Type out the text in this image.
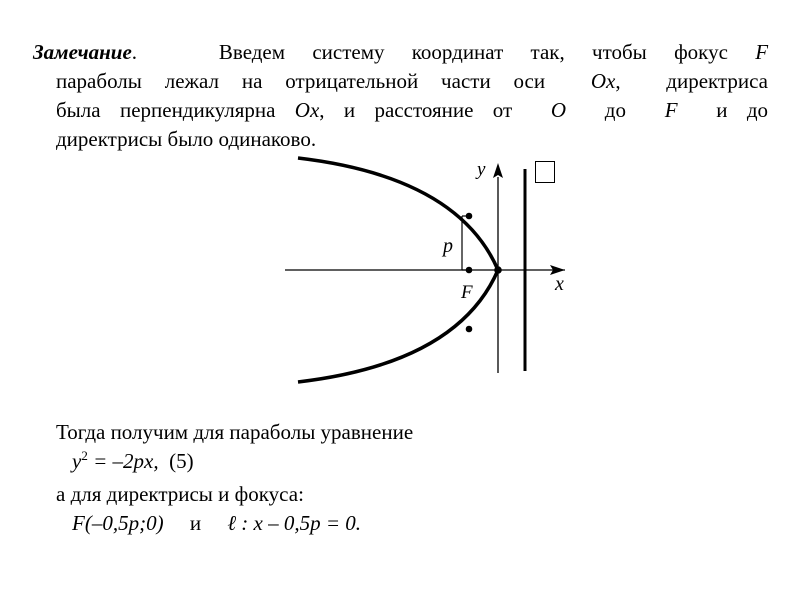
Замечание.   Введем систему координат так, чтобы фокус F
параболы лежал на отрицательной части оси Ox,  директриса
была перпендикулярна Ox, и расстояние от O до F и до
директрисы было одинаково.
y
x
p
F
Тогда получим для параболы уравнение
$y^2 = -2px$, (5)
а для директрисы и фокуса:
F(–0,5p;0) и ℓ : x – 0,5p = 0.
